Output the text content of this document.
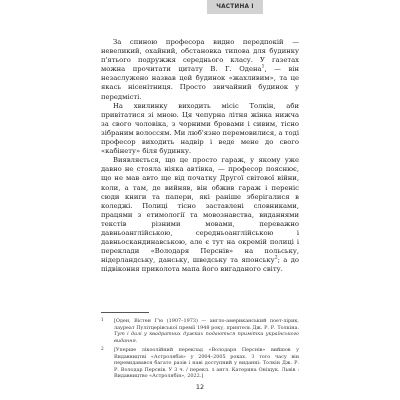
ЧАСТИНА І

За спиною професора видно передпокій — невеликий, охайний, обстановка типова для будинку п'ятього подружжя середнього класу. У газетах можна прочитати цитату В. Г. Одена$^1$, — він незаслужено назвав цей будинок «жахливим», та це якась нісенітниця. Просто звичайний будинок у передмісті.

На хвилинку виходить місіс Толкін, аби привітатися зі мною. Ця чепурна літня жінка нижча за свого чоловіка, з чорними бровами і сивим, тісно зібраним волоссям. Ми люб'язно перемовилися, а тоді професор виходить надвір і веде мене до свого «кабінету» біля будинку.

Виявляється, що це просто гараж, у якому уже давно не стояла ніяка автівка, — професор пояснює, що не мав авто ще від початку Другої світової війни, коли, а там, де вийняв, він обжив гараж і переніс сюди книги та папери, які раніше зберігалися в коледжі. Полиці тісно заставлені словниками, працями з етимології та мовознавства, виданнями текстів різними мовами, переважно давньоанглійською, середньоанглійською і давньоскандинавською, але є тут на окремій полиці і переклади «Володаря Перснів» на польську, нідерландську, данську, шведську та японську$^2$; а до підвіконня приколота мапа його вигаданого світу.

1 [Оден, Вістен Г'ю (1907–1973) — англо-американський поет-лірик, лауреат Пулітцерівської премії 1948 року, приятель Дж. Р. Р. Толкіна. Тут і далі у квадратних дужках подаються примітки українського видання.
2 [Уперше лікоолійний переклад «Володаря Перснів» вийшов у Видавництві «Астролябія» у 2004–2005 роках. З того часу він перевидавався багато разів і наві доступний у виданні: Толкін Дж. Р. Р. Володар Перснів. У 3 ч. / перекл. з англ. Катерина Оніщук. Львів : Видавництво «Астролябія», 2022.]
12
